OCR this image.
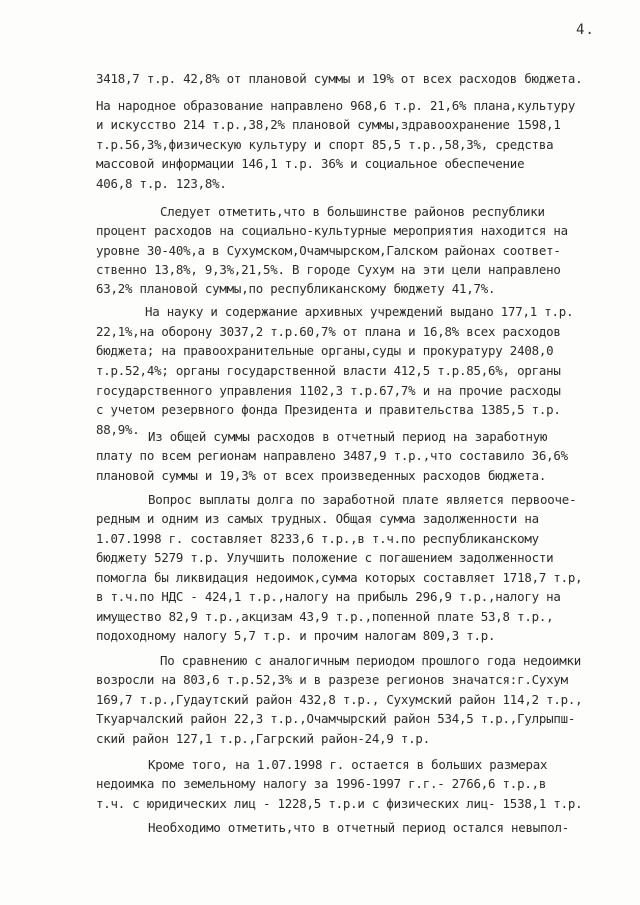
4.
3418,7 т.р. 42,8% от плановой суммы и 19% от всех расходов бюджета.
На народное образование направлено 968,6 т.р. 21,6% плана,культуру
и искусство 214 т.р.,38,2% плановой суммы,здравоохранение 1598,1
т.р.56,3%,физическую культуру и спорт 85,5 т.р.,58,3%, средства
массовой информации 146,1 т.р. 36% и социальное обеспечение
406,8 т.р. 123,8%.
Следует отметить,что в большинстве районов республики
процент расходов на социально-культурные мероприятия находится на
уровне 30-40%,а в Сухумском,Очамчырском,Галском районах соответ-
ственно 13,8%, 9,3%,21,5%. В городе Сухум на эти цели направлено
63,2% плановой суммы,по республиканскому бюджету 41,7%.
На науку и содержание архивных учреждений выдано 177,1 т.р.
22,1%,на оборону 3037,2 т.р.60,7% от плана и 16,8% всех расходов
бюджета; на правоохранительные органы,суды и прокуратуру 2408,0
т.р.52,4%; органы государственной власти 412,5 т.р.85,6%, органы
государственного управления 1102,3 т.р.67,7% и на прочие расходы
с учетом резервного фонда Президента и правительства 1385,5 т.р.
88,9%. Из общей суммы расходов в отчетный период на заработную
плату по всем регионам направлено 3487,9 т.р.,что составило 36,6%
плановой суммы и 19,3% от всех произведенных расходов бюджета.
Вопрос выплаты долга по заработной плате является первооче-
редным и одним из самых трудных. Общая сумма задолженности на
1.07.1998 г. составляет 8233,6 т.р.,в т.ч.по республиканскому
бюджету 5279 т.р. Улучшить положение с погашением задолженности
помогла бы ликвидация недоимок,сумма которых составляет 1718,7 т.р,
в т.ч.по НДС - 424,1 т.р.,налогу на прибыль 296,9 т.р.,налогу на
имущество 82,9 т.р.,акцизам 43,9 т.р.,попенной плате 53,8 т.р.,
подоходному налогу 5,7 т.р. и прочим налогам 809,3 т.р.
По сравнению с аналогичным периодом прошлого года недоимки
возросли на 803,6 т.р.52,3% и в разрезе регионов значатся:г.Сухум
169,7 т.р.,Гудаутский район 432,8 т.р., Сухумский район 114,2 т.р.,
Ткуарчалский район 22,3 т.р.,Очамчырский район 534,5 т.р.,Гулрыпш-
ский район 127,1 т.р.,Гагрский район-24,9 т.р.
Кроме того, на 1.07.1998 г. остается в больших размерах
недоимка по земельному налогу за 1996-1997 г.г.- 2766,6 т.р.,в
т.ч. с юридических лиц - 1228,5 т.р.и с физических лиц- 1538,1 т.р.
Необходимо отметить,что в отчетный период остался невыпол-
